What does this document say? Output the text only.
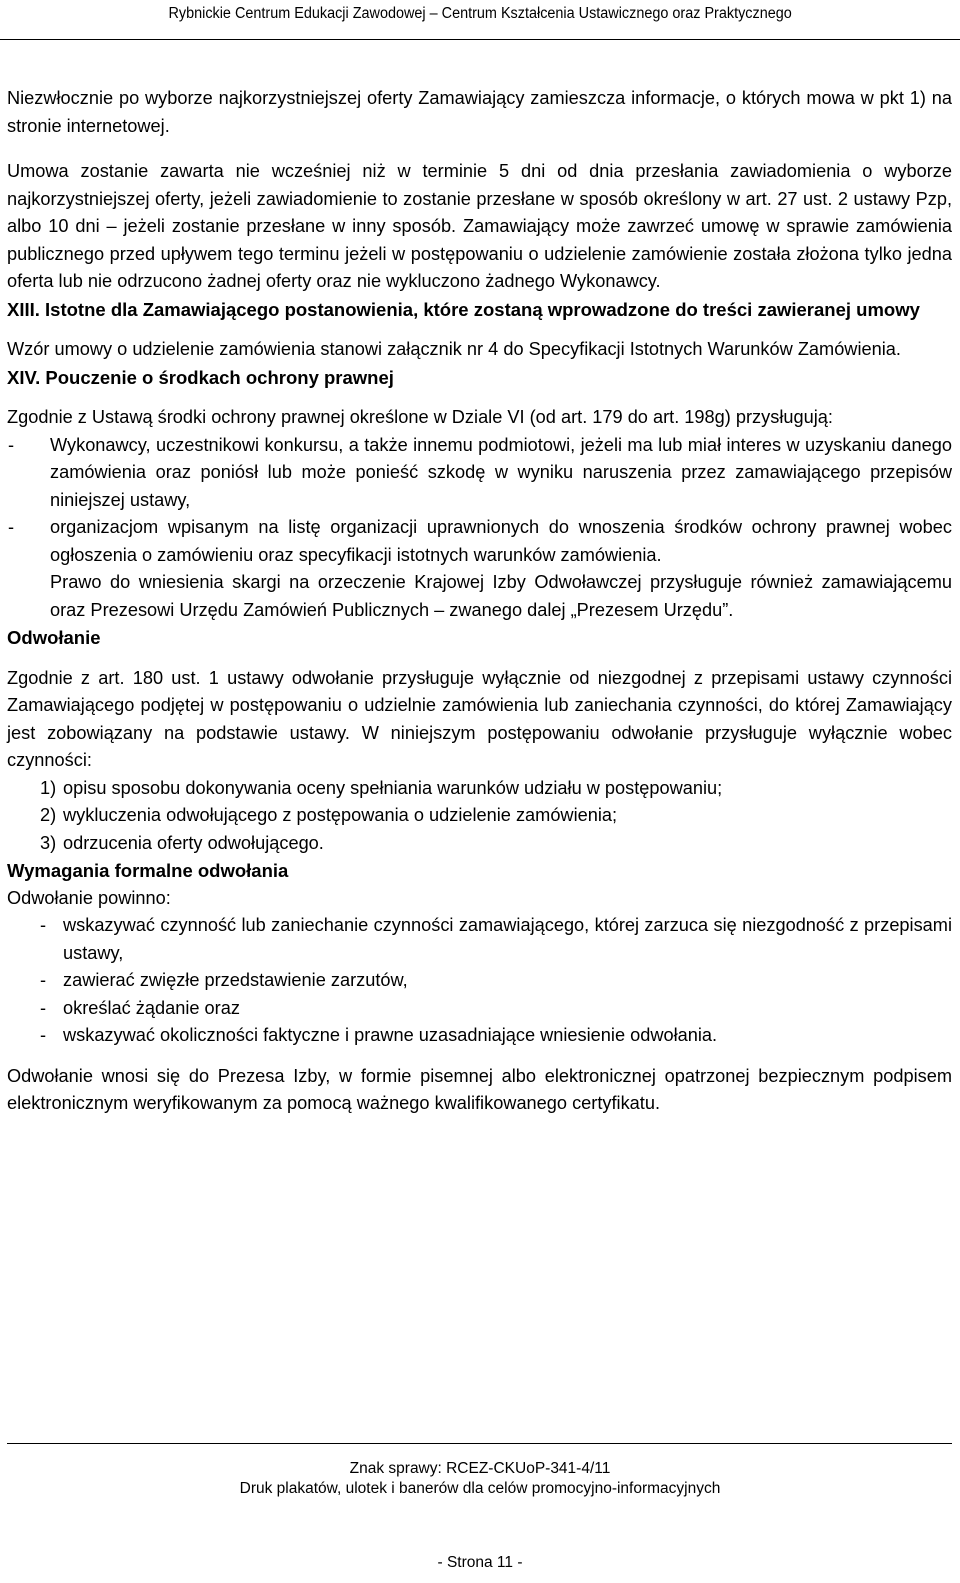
Rybnickie Centrum Edukacji Zawodowej – Centrum Kształcenia Ustawicznego oraz Praktycznego

Niezwłocznie po wyborze najkorzystniejszej oferty Zamawiający zamieszcza informacje, o których mowa w pkt 1) na stronie internetowej.

Umowa zostanie zawarta nie wcześniej niż w terminie 5 dni od dnia przesłania zawiadomienia o wyborze najkorzystniejszej oferty, jeżeli zawiadomienie to zostanie przesłane w sposób określony w art. 27 ust. 2 ustawy Pzp, albo 10 dni – jeżeli zostanie przesłane w inny sposób. Zamawiający może zawrzeć umowę w sprawie zamówienia publicznego przed upływem tego terminu jeżeli w postępowaniu o udzielenie zamówienie została złożona tylko jedna oferta lub nie odrzucono żadnej oferty oraz nie wykluczono żadnego Wykonawcy.

XIII. Istotne dla Zamawiającego postanowienia, które zostaną wprowadzone do treści zawieranej umowy

Wzór umowy o udzielenie zamówienia stanowi załącznik nr 4 do Specyfikacji Istotnych Warunków Zamówienia.

XIV. Pouczenie o środkach ochrony prawnej

Zgodnie z Ustawą środki ochrony prawnej określone w Dziale VI (od art. 179 do art. 198g) przysługują:

- Wykonawcy, uczestnikowi konkursu, a także innemu podmiotowi, jeżeli ma lub miał interes w uzyskaniu danego zamówienia oraz poniósł lub może ponieść szkodę w wyniku naruszenia przez zamawiającego przepisów niniejszej ustawy,
- organizacjom wpisanym na listę organizacji uprawnionych do wnoszenia środków ochrony prawnej wobec ogłoszenia o zamówieniu oraz specyfikacji istotnych warunków zamówienia.

Prawo do wniesienia skargi na orzeczenie Krajowej Izby Odwoławczej przysługuje również zamawiającemu oraz Prezesowi Urzędu Zamówień Publicznych – zwanego dalej „Prezesem Urzędu”.

Odwołanie

Zgodnie z art. 180 ust. 1 ustawy odwołanie przysługuje wyłącznie od niezgodnej z przepisami ustawy czynności Zamawiającego podjętej w postępowaniu o udzielnie zamówienia lub zaniechania czynności, do której Zamawiający jest zobowiązany na podstawie ustawy. W niniejszym postępowaniu odwołanie przysługuje wyłącznie wobec czynności:

1) opisu sposobu dokonywania oceny spełniania warunków udziału w postępowaniu;
2) wykluczenia odwołującego z postępowania o udzielenie zamówienia;
3) odrzucenia oferty odwołującego.

Wymagania formalne odwołania

Odwołanie powinno:

- wskazywać czynność lub zaniechanie czynności zamawiającego, której zarzuca się niezgodność z przepisami ustawy,
- zawierać zwięzłe przedstawienie zarzutów,
- określać żądanie oraz
- wskazywać okoliczności faktyczne i prawne uzasadniające wniesienie odwołania.

Odwołanie wnosi się do Prezesa Izby, w formie pisemnej albo elektronicznej opatrzonej bezpiecznym podpisem elektronicznym weryfikowanym za pomocą ważnego kwalifikowanego certyfikatu.

Znak sprawy: RCEZ-CKUoP-341-4/11
Druk plakatów, ulotek i banerów dla celów promocyjno-informacyjnych
- Strona 11 -
